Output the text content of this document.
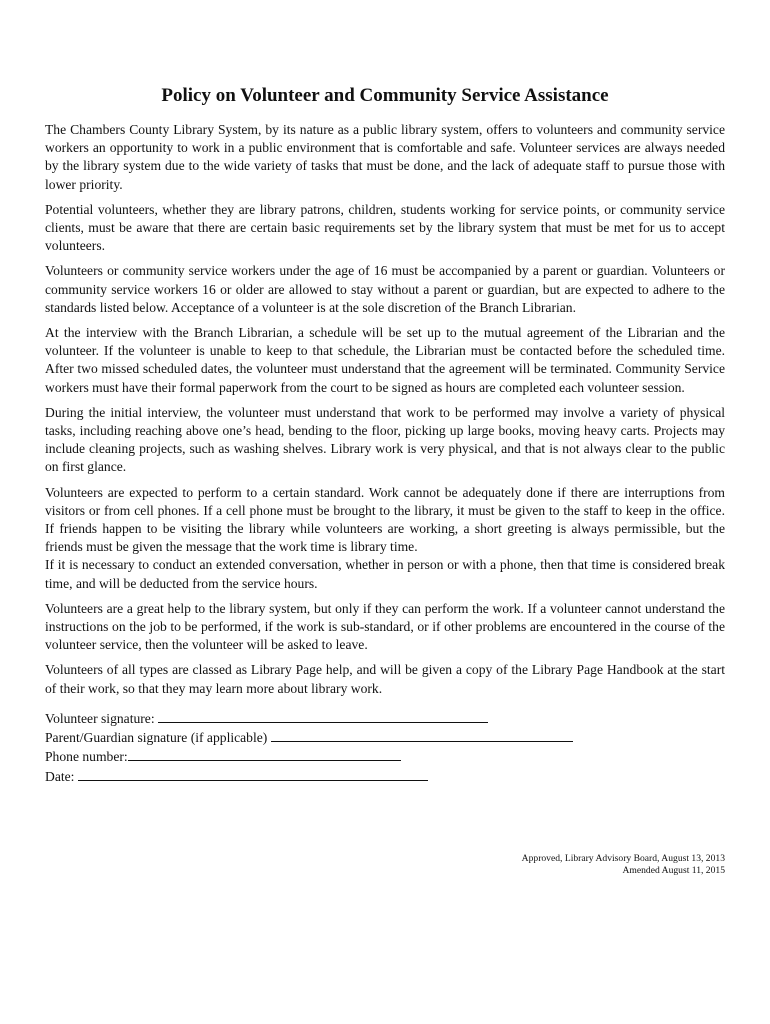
Policy on Volunteer and Community Service Assistance

The Chambers County Library System, by its nature as a public library system, offers to volunteers and community service workers an opportunity to work in a public environment that is comfortable and safe. Volunteer services are always needed by the library system due to the wide variety of tasks that must be done, and the lack of adequate staff to pursue those with lower priority.

Potential volunteers, whether they are library patrons, children, students working for service points, or community service clients, must be aware that there are certain basic requirements set by the library system that must be met for us to accept volunteers.

Volunteers or community service workers under the age of 16 must be accompanied by a parent or guardian. Volunteers or community service workers 16 or older are allowed to stay without a parent or guardian, but are expected to adhere to the standards listed below. Acceptance of a volunteer is at the sole discretion of the Branch Librarian.

At the interview with the Branch Librarian, a schedule will be set up to the mutual agreement of the Librarian and the volunteer. If the volunteer is unable to keep to that schedule, the Librarian must be contacted before the scheduled time. After two missed scheduled dates, the volunteer must understand that the agreement will be terminated. Community Service workers must have their formal paperwork from the court to be signed as hours are completed each volunteer session.

During the initial interview, the volunteer must understand that work to be performed may involve a variety of physical tasks, including reaching above one’s head, bending to the floor, picking up large books, moving heavy carts. Projects may include cleaning projects, such as washing shelves. Library work is very physical, and that is not always clear to the public on first glance.

Volunteers are expected to perform to a certain standard. Work cannot be adequately done if there are interruptions from visitors or from cell phones. If a cell phone must be brought to the library, it must be given to the staff to keep in the office. If friends happen to be visiting the library while volunteers are working, a short greeting is always permissible, but the friends must be given the message that the work time is library time.

If it is necessary to conduct an extended conversation, whether in person or with a phone, then that time is considered break time, and will be deducted from the service hours.

Volunteers are a great help to the library system, but only if they can perform the work. If a volunteer cannot understand the instructions on the job to be performed, if the work is sub-standard, or if other problems are encountered in the course of the volunteer service, then the volunteer will be asked to leave.

Volunteers of all types are classed as Library Page help, and will be given a copy of the Library Page Handbook at the start of their work, so that they may learn more about library work.

Volunteer signature:
Parent/Guardian signature (if applicable)
Phone number:
Date:
Approved, Library Advisory Board, August 13, 2013
Amended August 11, 2015
